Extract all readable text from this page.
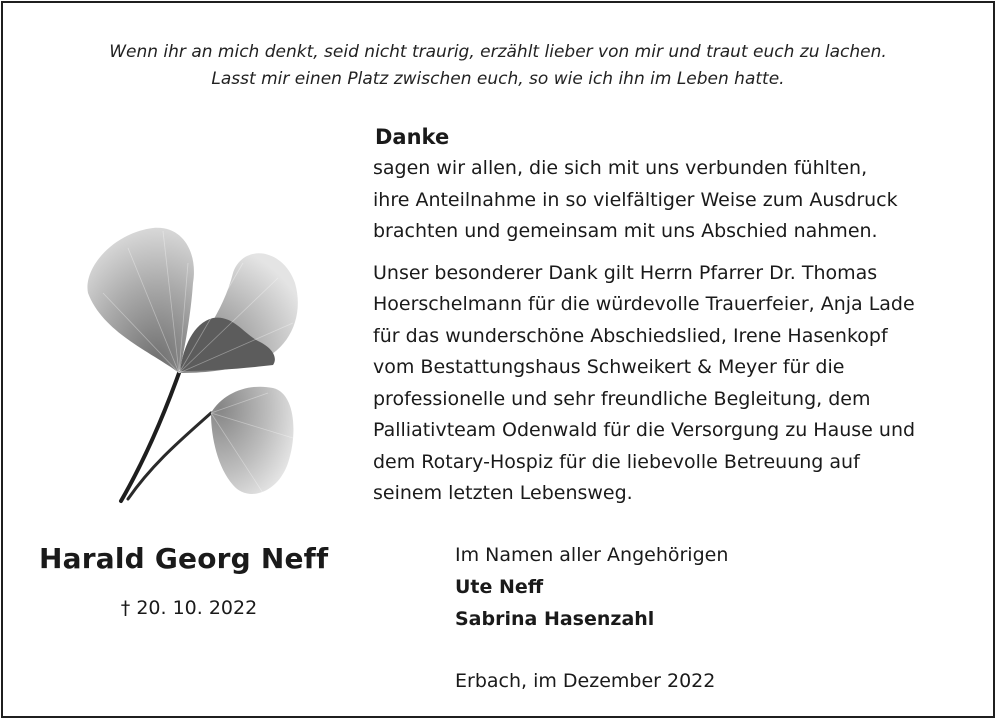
Wenn ihr an mich denkt, seid nicht traurig, erzählt lieber von mir und traut euch zu lachen.
Lasst mir einen Platz zwischen euch, so wie ich ihn im Leben hatte.
Danke
sagen wir allen, die sich mit uns verbunden fühlten,
ihre Anteilnahme in so vielfältiger Weise zum Ausdruck
brachten und gemeinsam mit uns Abschied nahmen.
Unser besonderer Dank gilt Herrn Pfarrer Dr. Thomas
Hoerschelmann für die würdevolle Trauerfeier, Anja Lade
für das wunderschöne Abschiedslied, Irene Hasenkopf
vom Bestattungshaus Schweikert & Meyer für die
professionelle und sehr freundliche Begleitung, dem
Palliativteam Odenwald für die Versorgung zu Hause und
dem Rotary-Hospiz für die liebevolle Betreuung auf
seinem letzten Lebensweg.
Harald Georg Neff
† 20. 10. 2022
Im Namen aller Angehörigen
Ute Neff
Sabrina Hasenzahl
Erbach, im Dezember 2022
